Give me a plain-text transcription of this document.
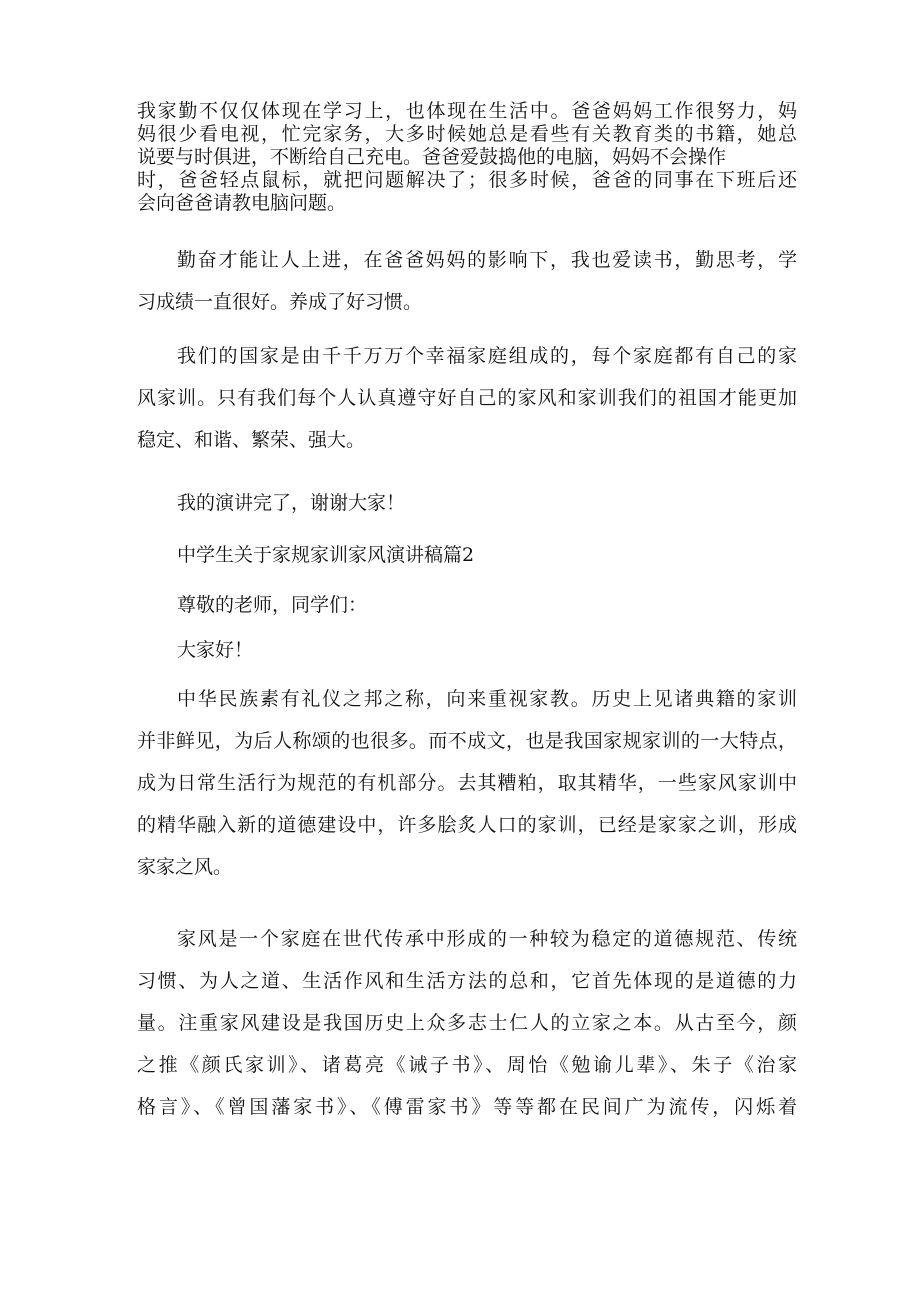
我家勤不仅仅体现在学习上，也体现在生活中。爸爸妈妈工作很努力，妈
妈很少看电视，忙完家务，大多时候她总是看些有关教育类的书籍，她总
说要与时俱进，不断给自己充电。爸爸爱鼓捣他的电脑，妈妈不会操作
时，爸爸轻点鼠标，就把问题解决了；很多时候，爸爸的同事在下班后还
会向爸爸请教电脑问题。
勤奋才能让人上进，在爸爸妈妈的影响下，我也爱读书，勤思考，学
习成绩一直很好。养成了好习惯。
我们的国家是由千千万万个幸福家庭组成的，每个家庭都有自己的家
风家训。只有我们每个人认真遵守好自己的家风和家训我们的祖国才能更加
稳定、和谐、繁荣、强大。
我的演讲完了，谢谢大家！
中学生关于家规家训家风演讲稿篇2
尊敬的老师，同学们：
大家好！
中华民族素有礼仪之邦之称，向来重视家教。历史上见诸典籍的家训
并非鲜见，为后人称颂的也很多。而不成文，也是我国家规家训的一大特点，
成为日常生活行为规范的有机部分。去其糟粕，取其精华，一些家风家训中
的精华融入新的道德建设中，许多脍炙人口的家训，已经是家家之训，形成
家家之风。
家风是一个家庭在世代传承中形成的一种较为稳定的道德规范、传统
习惯、为人之道、生活作风和生活方法的总和，它首先体现的是道德的力
量。注重家风建设是我国历史上众多志士仁人的立家之本。从古至今，颜
之推《颜氏家训》、诸葛亮《诫子书》、周怡《勉谕儿辈》、朱子《治家
格言》、《曾国藩家书》、《傅雷家书》等等都在民间广为流传，闪烁着
